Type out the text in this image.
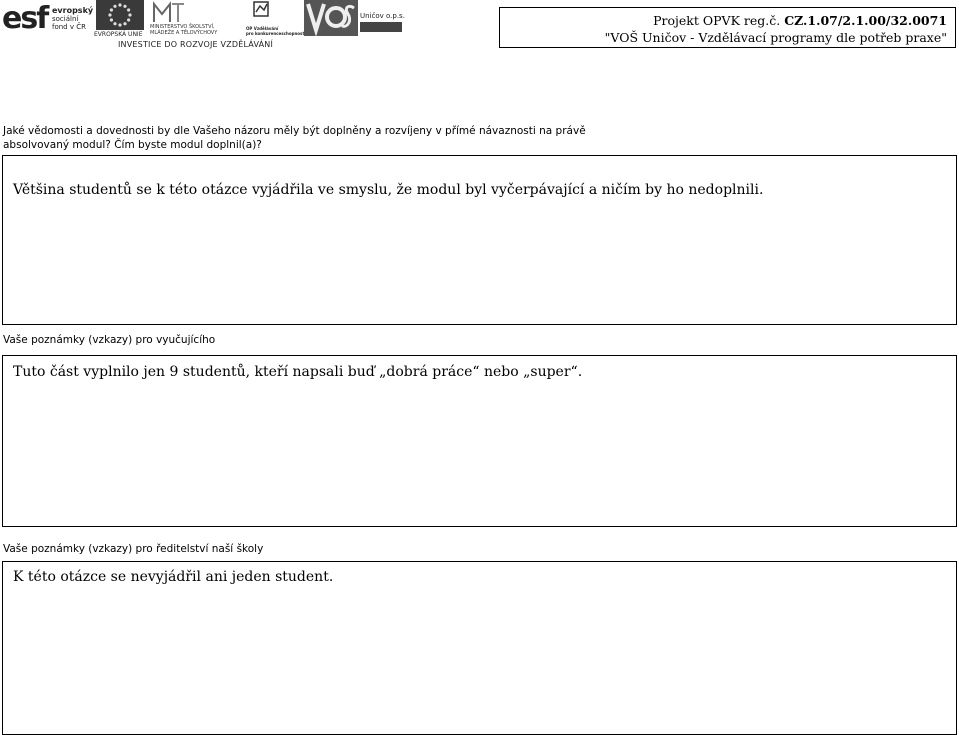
esf evropský
sociální
fond v ČR
EVROPSKÁ UNIE
MINISTERSTVO ŠKOLSTVÍ,
MLÁDEŽE A TĚLOVÝCHOVY
OP Vzdělávání
pro konkurenceschopnost
Uničov o.p.s.
INVESTICE DO ROZVOJE VZDĚLÁVÁNÍ
Projekt OPVK reg.č. CZ.1.07/2.1.00/32.0071
"VOŠ Uničov - Vzdělávací programy dle potřeb praxe"
Jaké vědomosti a dovednosti by dle Vašeho názoru měly být doplněny a rozvíjeny v přímé návaznosti na právě
absolvovaný modul? Čím byste modul doplnil(a)?
Většina studentů se k této otázce vyjádřila ve smyslu, že modul byl vyčerpávající a ničím by ho nedoplnili.
Vaše poznámky (vzkazy) pro vyučujícího
Tuto část vyplnilo jen 9 studentů, kteří napsali buď „dobrá práce“ nebo „super“.
Vaše poznámky (vzkazy) pro ředitelství naší školy
K této otázce se nevyjádřil ani jeden student.
